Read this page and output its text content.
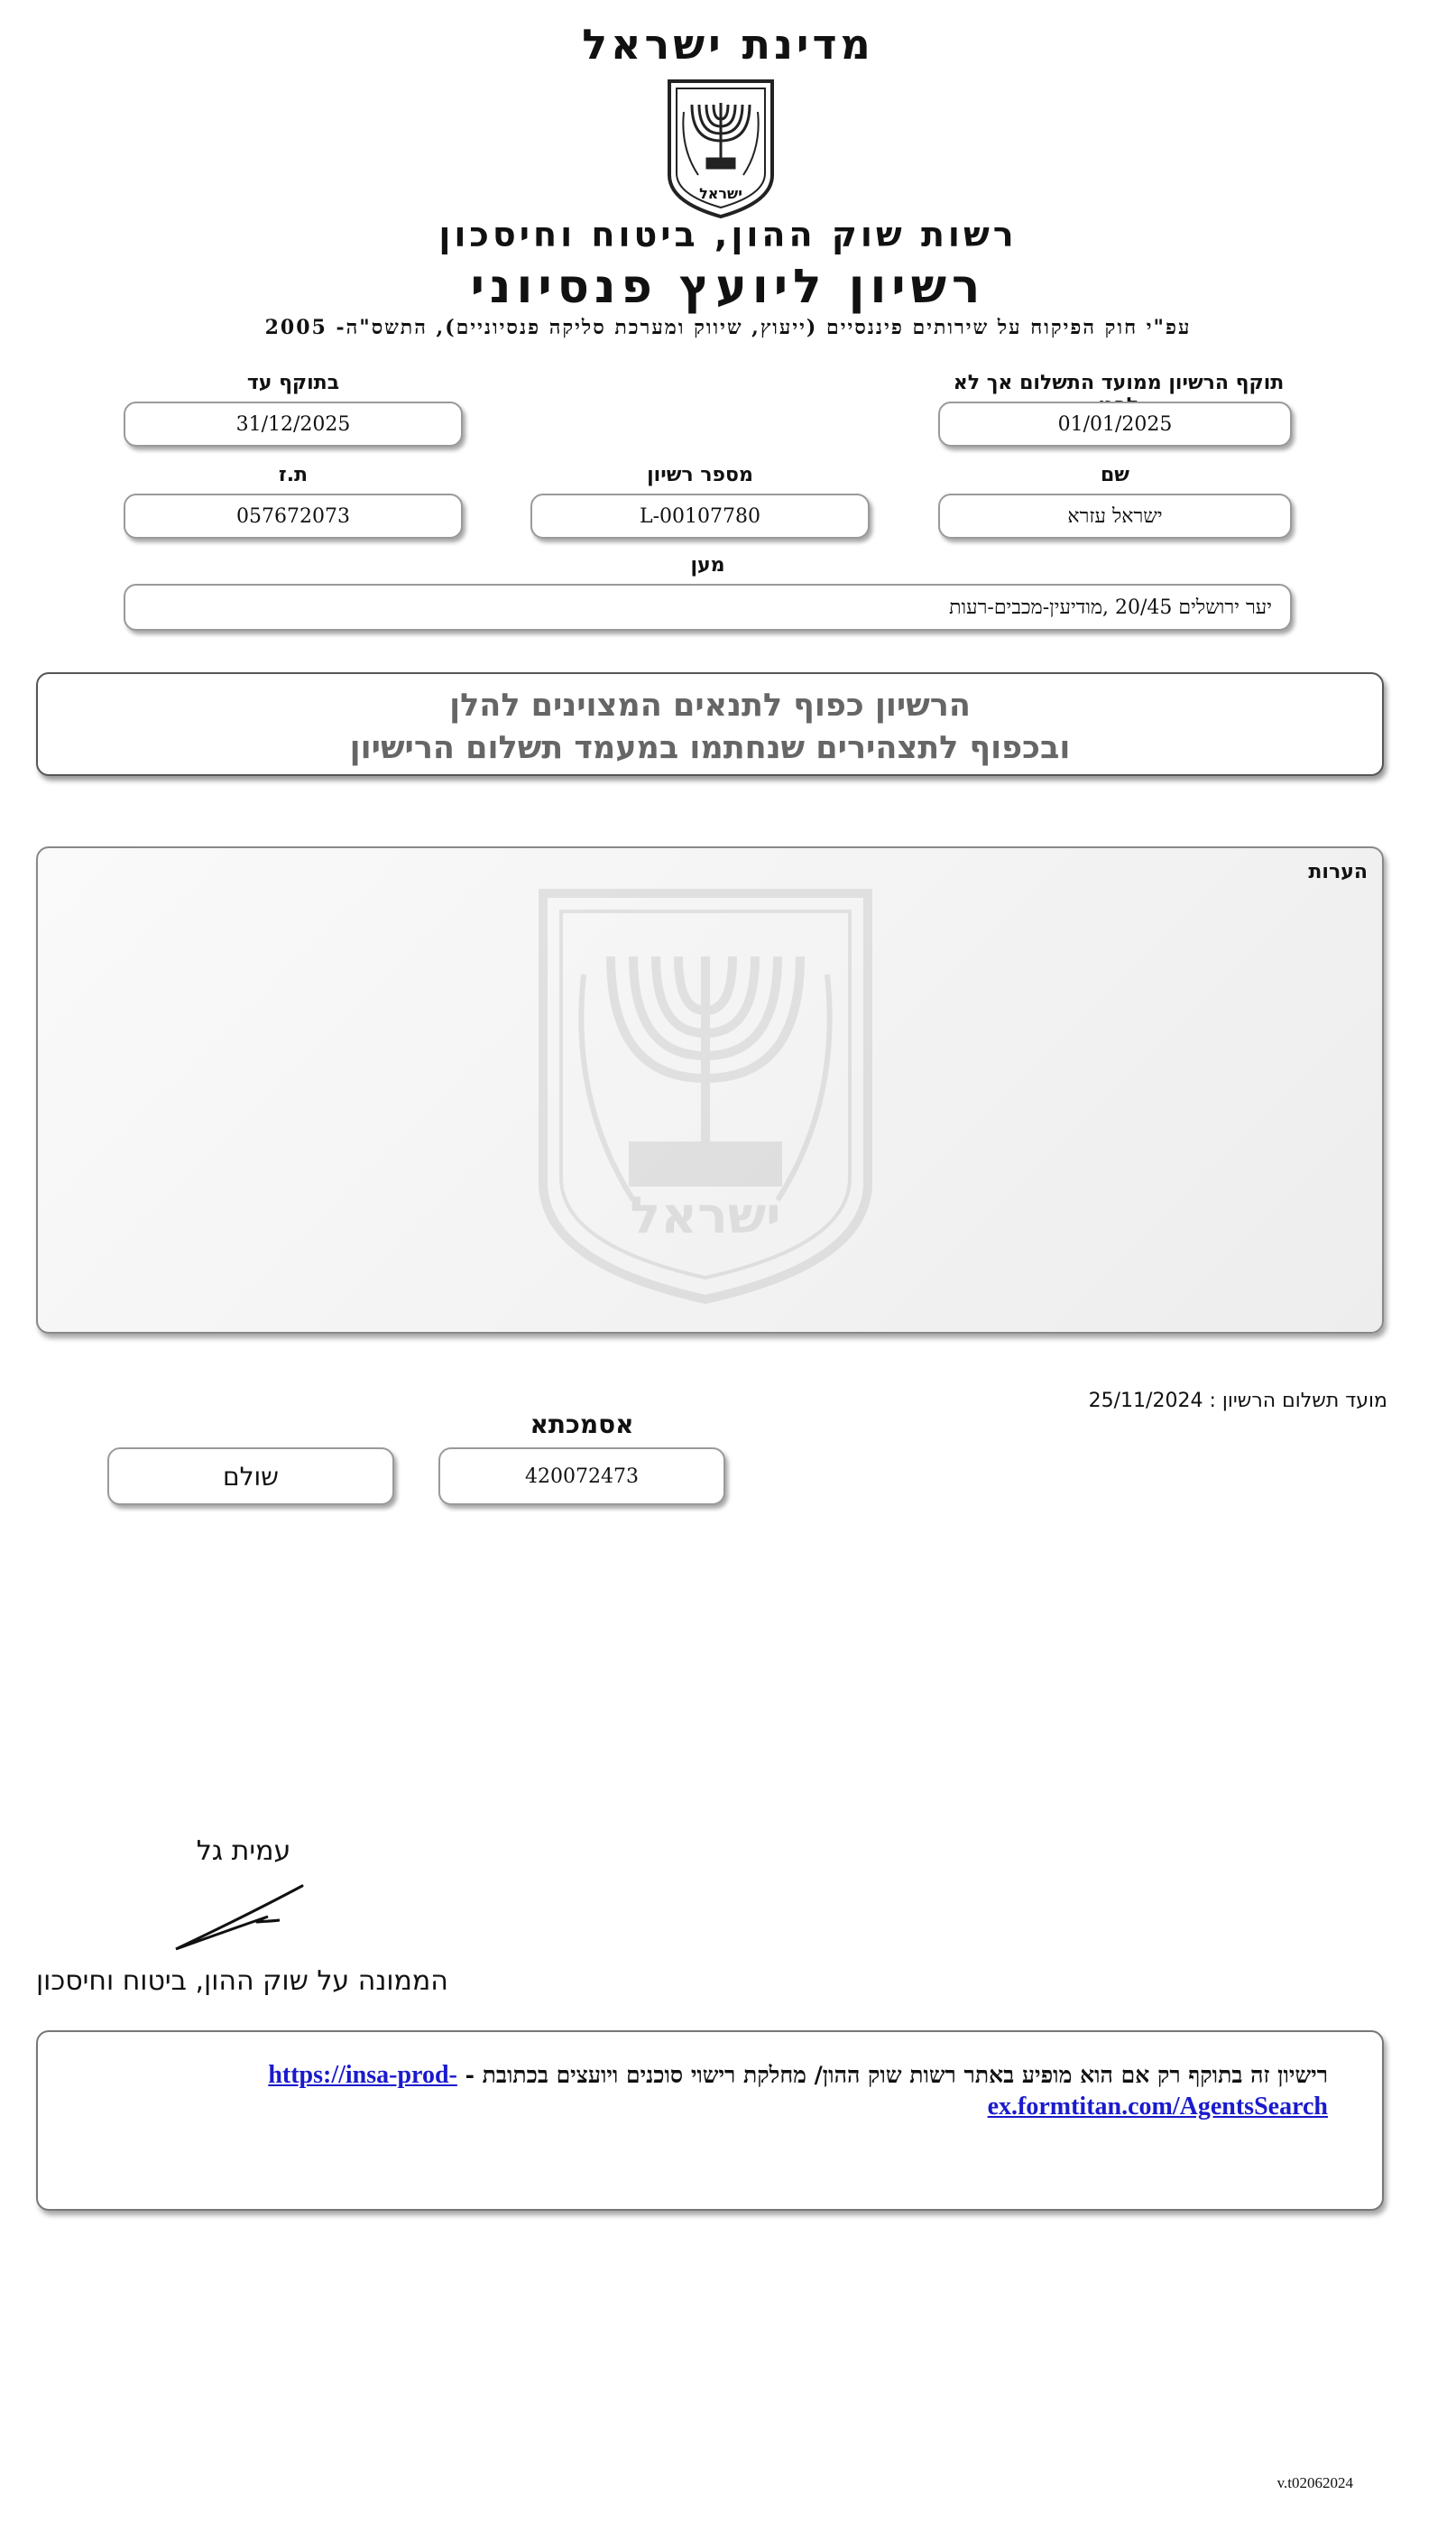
מדינת ישראל
ישראל
רשות שוק ההון, ביטוח וחיסכון
רשיון ליועץ פנסיוני
עפ"י חוק הפיקוח על שירותים פיננסיים (ייעוץ, שיווק ומערכת סליקה פנסיוניים), התשס"ה- 2005
תוקף הרשיון ממועד התשלום אך לא
01/01/2025
בתוקף עד
31/12/2025
שם
ישראל עזרא
מספר רשיון
L-00107780
ת.ז
057672073
מען
יער ירושלים 20/45 ,מודיעין-מכבים-רעות
הרשיון כפוף לתנאים המצוינים להלן
ובכפוף לתצהירים שנחתמו במעמד תשלום הרישיון
הערות
ישראל
מועד תשלום הרשיון : 25/11/2024
אסמכתא
420072473
שולם
עמית גל
הממונה על שוק ההון, ביטוח וחיסכון
רישיון זה בתוקף רק אם הוא מופיע באתר רשות שוק ההון/ מחלקת רישוי סוכנים ויועצים בכתובת - https://insa-prod-ex.formtitan.com/AgentsSearch
v.t02062024
